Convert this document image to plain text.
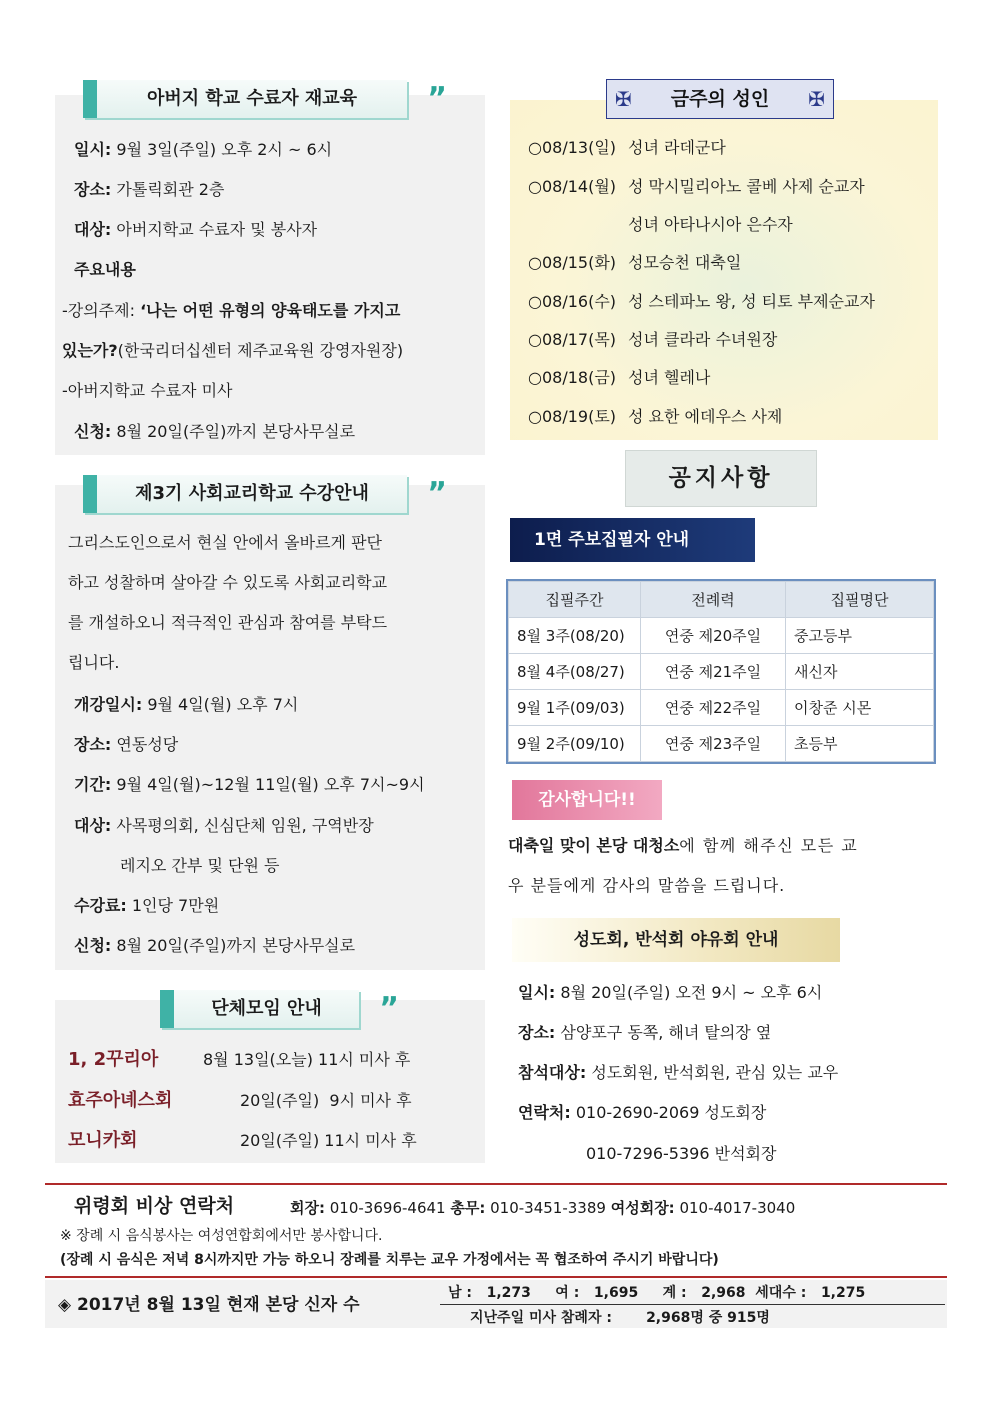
아버지 학교 수료자 재교육 ”
일시: 9월 3일(주일) 오후 2시 ~ 6시
장소: 가톨릭회관 2층
대상: 아버지학교 수료자 및 봉사자
주요내용
-강의주제: ‘나는 어떤 유형의 양육태도를 가지고
있는가?(한국리더십센터 제주교육원 강영자원장)
-아버지학교 수료자 미사
신청: 8월 20일(주일)까지 본당사무실로
제3기 사회교리학교 수강안내 ”
그리스도인으로서 현실 안에서 올바르게 판단
하고 성찰하며 살아갈 수 있도록 사회교리학교
를 개설하오니 적극적인 관심과 참여를 부탁드
립니다.
개강일시: 9월 4일(월) 오후 7시
장소: 연동성당
기간: 9월 4일(월)~12월 11일(월) 오후 7시~9시
대상: 사목평의회, 신심단체 임원, 구역반장
레지오 간부 및 단원 등
수강료: 1인당 7만원
신청: 8월 20일(주일)까지 본당사무실로
단체모임 안내 ”
1, 2꾸리아	8월 13일(오늘) 11시 미사 후
효주아녜스회	20일(주일)  9시 미사 후
모니카회	20일(주일) 11시 미사 후
✠ 금주의 성인 ✠
○08/13(일) 성녀 라데군다
○08/14(월) 성 막시밀리아노 콜베 사제 순교자
성녀 아타나시아 은수자
○08/15(화) 성모승천 대축일
○08/16(수) 성 스테파노 왕, 성 티토 부제순교자
○08/17(목) 성녀 클라라 수녀원장
○08/18(금) 성녀 헬레나
○08/19(토) 성 요한 에데우스 사제
공지사항
1면 주보집필자 안내
집필주간	전례력	집필명단
8월 3주(08/20)	연중 제20주일	중고등부
8월 4주(08/27)	연중 제21주일	새신자
9월 1주(09/03)	연중 제22주일	이창준 시몬
9월 2주(09/10)	연중 제23주일	초등부
감사합니다!!
대축일 맞이 본당 대청소에 함께 해주신 모든 교
우 분들에게 감사의 말씀을 드립니다.
성도회, 반석회 야유회 안내
일시: 8월 20일(주일) 오전 9시 ~ 오후 6시
장소: 삼양포구 동쪽, 해녀 탈의장 옆
참석대상: 성도회원, 반석회원, 관심 있는 교우
연락처: 010-2690-2069 성도회장
010-7296-5396 반석회장
위령회 비상 연락처	회장: 010-3696-4641 총무: 010-3451-3389 여성회장: 010-4017-3040
※ 장례 시 음식봉사는 여성연합회에서만 봉사합니다.
(장례 시 음식은 저녁 8시까지만 가능 하오니 장례를 치루는 교우 가정에서는 꼭 협조하여 주시기 바랍니다)
◈ 2017년 8월 13일 현재 본당 신자 수
남 : 1,273 여 : 1,695 계 : 2,968 세대수 : 1,275
지난주일 미사 참례자 : 2,968명 중 915명
